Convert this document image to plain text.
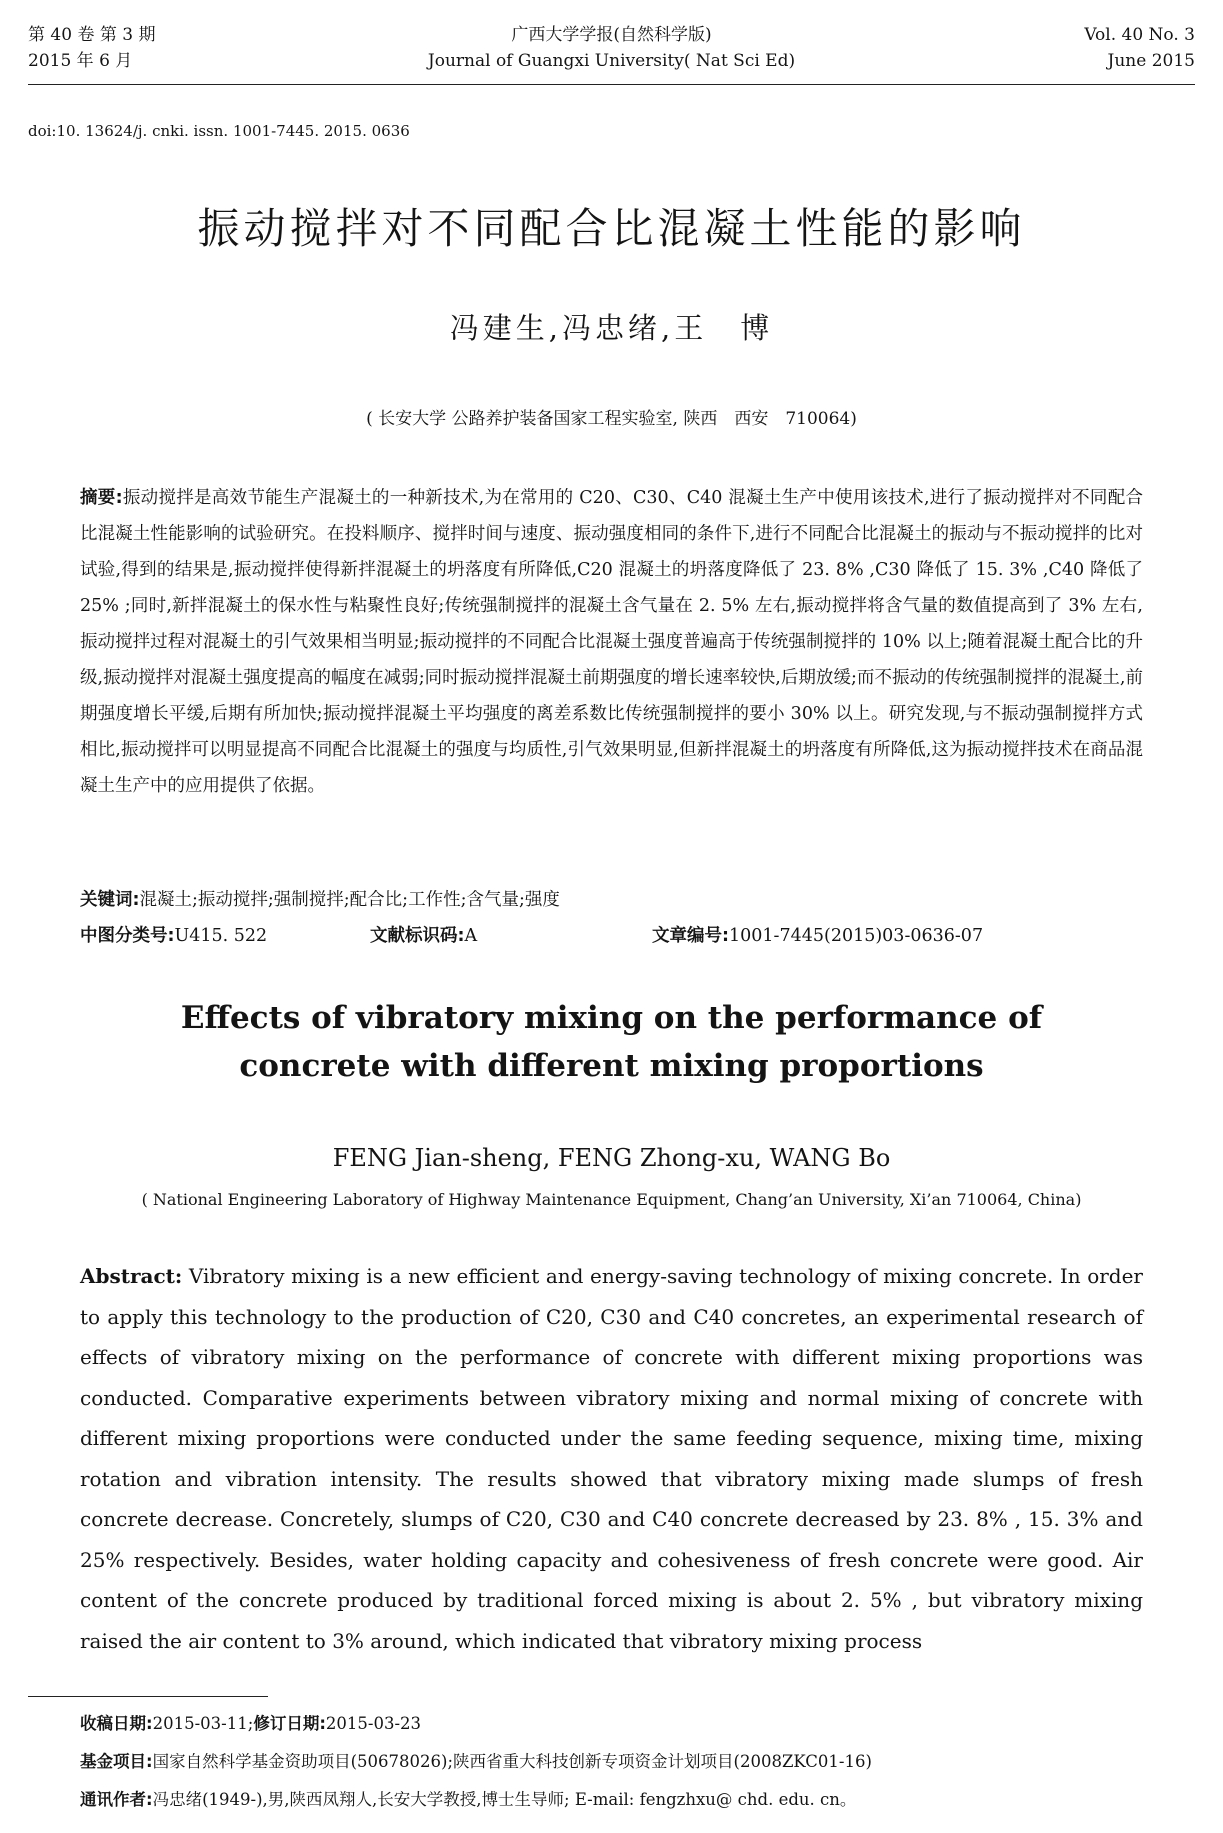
第 40 卷 第 3 期
2015 年 6 月
广西大学学报(自然科学版)
Journal of Guangxi University( Nat Sci Ed)
Vol. 40 No. 3
June 2015
doi:10. 13624/j. cnki. issn. 1001-7445. 2015. 0636
振动搅拌对不同配合比混凝土性能的影响
冯建生,冯忠绪,王　博
( 长安大学 公路养护装备国家工程实验室, 陕西　西安　710064)

摘要:振动搅拌是高效节能生产混凝土的一种新技术,为在常用的 C20、C30、C40 混凝土生产中使用该技术,进行了振动搅拌对不同配合比混凝土性能影响的试验研究。在投料顺序、搅拌时间与速度、振动强度相同的条件下,进行不同配合比混凝土的振动与不振动搅拌的比对试验,得到的结果是,振动搅拌使得新拌混凝土的坍落度有所降低,C20 混凝土的坍落度降低了 23. 8% ,C30 降低了 15. 3% ,C40 降低了 25% ;同时,新拌混凝土的保水性与粘聚性良好;传统强制搅拌的混凝土含气量在 2. 5% 左右,振动搅拌将含气量的数值提高到了 3% 左右,振动搅拌过程对混凝土的引气效果相当明显;振动搅拌的不同配合比混凝土强度普遍高于传统强制搅拌的 10% 以上;随着混凝土配合比的升级,振动搅拌对混凝土强度提高的幅度在减弱;同时振动搅拌混凝土前期强度的增长速率较快,后期放缓;而不振动的传统强制搅拌的混凝土,前期强度增长平缓,后期有所加快;振动搅拌混凝土平均强度的离差系数比传统强制搅拌的要小 30% 以上。研究发现,与不振动强制搅拌方式相比,振动搅拌可以明显提高不同配合比混凝土的强度与均质性,引气效果明显,但新拌混凝土的坍落度有所降低,这为振动搅拌技术在商品混凝土生产中的应用提供了依据。

关键词:混凝土;振动搅拌;强制搅拌;配合比;工作性;含气量;强度
中图分类号:U415. 522	文献标识码:A	文章编号:1001-7445(2015)03-0636-07
Effects of vibratory mixing on the performance of
concrete with different mixing proportions
FENG Jian-sheng, FENG Zhong-xu, WANG Bo
( National Engineering Laboratory of Highway Maintenance Equipment, Chang’an University, Xi’an 710064, China)

Abstract: Vibratory mixing is a new efficient and energy-saving technology of mixing concrete. In order to apply this technology to the production of C20, C30 and C40 concretes, an experimental research of effects of vibratory mixing on the performance of concrete with different mixing proportions was conducted. Comparative experiments between vibratory mixing and normal mixing of concrete with different mixing proportions were conducted under the same feeding sequence, mixing time, mixing rotation and vibration intensity. The results showed that vibratory mixing made slumps of fresh concrete decrease. Concretely, slumps of C20, C30 and C40 concrete decreased by 23. 8% , 15. 3% and 25% respectively. Besides, water holding capacity and cohesiveness of fresh concrete were good. Air content of the concrete produced by traditional forced mixing is about 2. 5% , but vibratory mixing raised the air content to 3% around, which indicated that vibratory mixing process

收稿日期:2015-03-11;修订日期:2015-03-23
基金项目:国家自然科学基金资助项目(50678026);陕西省重大科技创新专项资金计划项目(2008ZKC01-16)
通讯作者:冯忠绪(1949-),男,陕西凤翔人,长安大学教授,博士生导师; E-mail: fengzhxu@ chd. edu. cn。
